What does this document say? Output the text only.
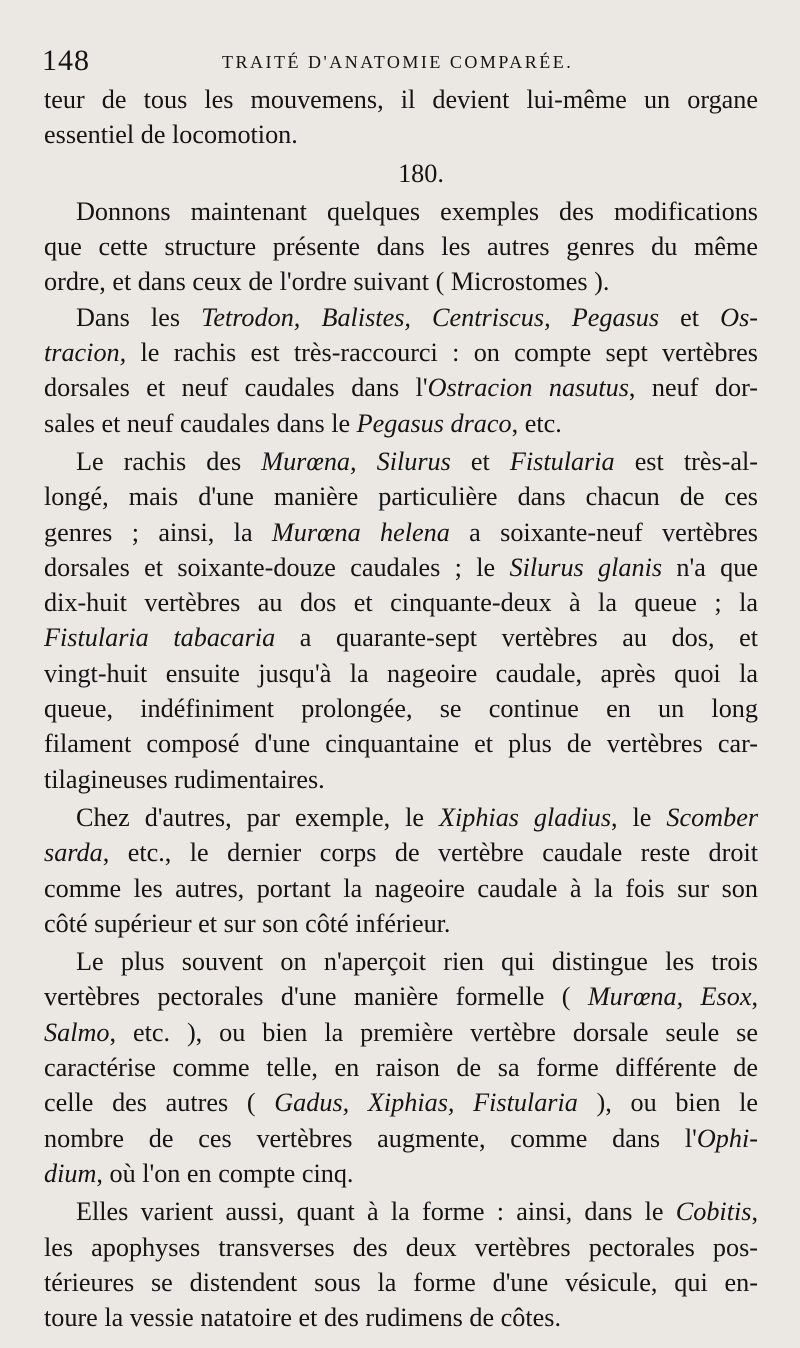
148	TRAITÉ D'ANATOMIE COMPARÉE.
teur de tous les mouvemens, il devient lui-même un organe
essentiel de locomotion.
180.
Donnons maintenant quelques exemples des modifications
que cette structure présente dans les autres genres du même
ordre, et dans ceux de l'ordre suivant ( Microstomes ).
Dans les Tetrodon, Balistes, Centriscus, Pegasus et Os-
tracion, le rachis est très-raccourci : on compte sept vertèbres
dorsales et neuf caudales dans l'Ostracion nasutus, neuf dor-
sales et neuf caudales dans le Pegasus draco, etc.
Le rachis des Murœna, Silurus et Fistularia est très-al-
longé, mais d'une manière particulière dans chacun de ces
genres ; ainsi, la Murœna helena a soixante-neuf vertèbres
dorsales et soixante-douze caudales ; le Silurus glanis n'a que
dix-huit vertèbres au dos et cinquante-deux à la queue ; la
Fistularia tabacaria a quarante-sept vertèbres au dos, et
vingt-huit ensuite jusqu'à la nageoire caudale, après quoi la
queue, indéfiniment prolongée, se continue en un long
filament composé d'une cinquantaine et plus de vertèbres car-
tilagineuses rudimentaires.
Chez d'autres, par exemple, le Xiphias gladius, le Scomber
sarda, etc., le dernier corps de vertèbre caudale reste droit
comme les autres, portant la nageoire caudale à la fois sur son
côté supérieur et sur son côté inférieur.
Le plus souvent on n'aperçoit rien qui distingue les trois
vertèbres pectorales d'une manière formelle ( Murœna, Esox,
Salmo, etc. ), ou bien la première vertèbre dorsale seule se
caractérise comme telle, en raison de sa forme différente de
celle des autres ( Gadus, Xiphias, Fistularia ), ou bien le
nombre de ces vertèbres augmente, comme dans l'Ophi-
dium, où l'on en compte cinq.
Elles varient aussi, quant à la forme : ainsi, dans le Cobitis,
les apophyses transverses des deux vertèbres pectorales pos-
térieures se distendent sous la forme d'une vésicule, qui en-
toure la vessie natatoire et des rudimens de côtes.
